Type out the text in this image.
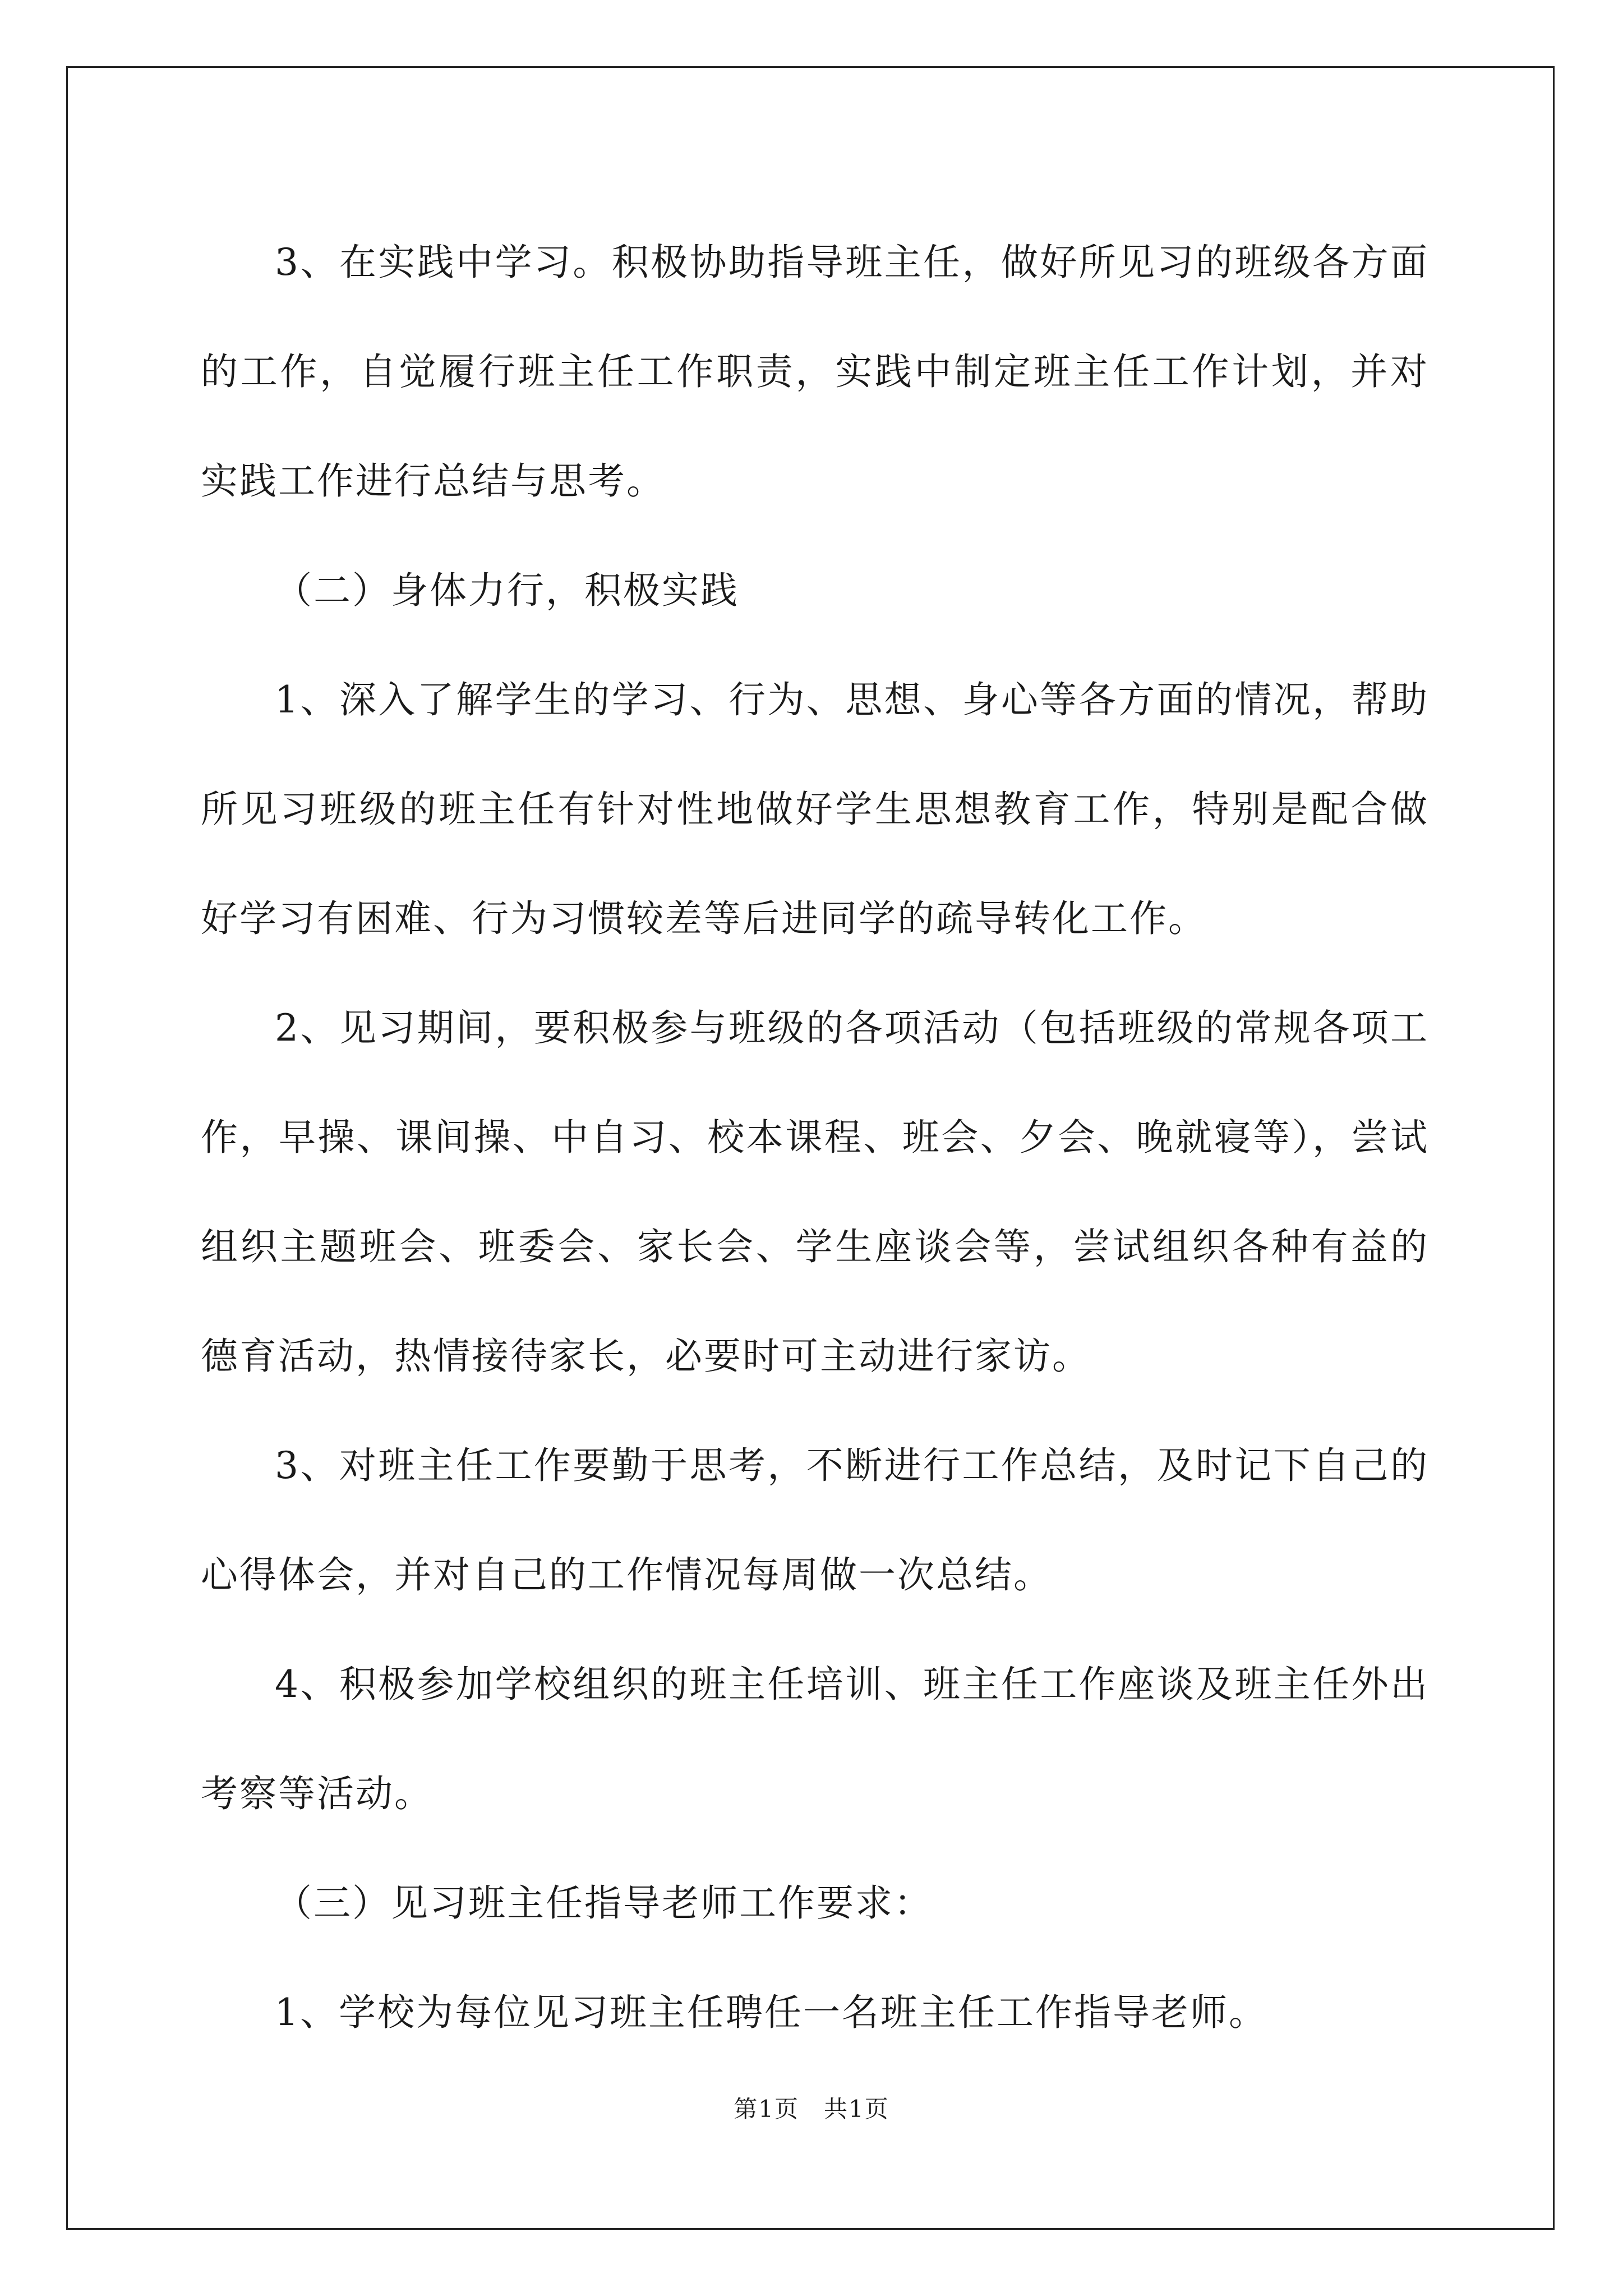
3、在实践中学习。积极协助指导班主任，做好所见习的班级各方面的工作，自觉履行班主任工作职责，实践中制定班主任工作计划，并对实践工作进行总结与思考。

（二）身体力行，积极实践

1、深入了解学生的学习、行为、思想、身心等各方面的情况，帮助所见习班级的班主任有针对性地做好学生思想教育工作，特别是配合做好学习有困难、行为习惯较差等后进同学的疏导转化工作。

2、见习期间，要积极参与班级的各项活动（包括班级的常规各项工作，早操、课间操、中自习、校本课程、班会、夕会、晚就寝等），尝试组织主题班会、班委会、家长会、学生座谈会等，尝试组织各种有益的德育活动，热情接待家长，必要时可主动进行家访。

3、对班主任工作要勤于思考，不断进行工作总结，及时记下自己的心得体会，并对自己的工作情况每周做一次总结。

4、积极参加学校组织的班主任培训、班主任工作座谈及班主任外出考察等活动。

（三）见习班主任指导老师工作要求：

1、学校为每位见习班主任聘任一名班主任工作指导老师。

第1页　共1页
